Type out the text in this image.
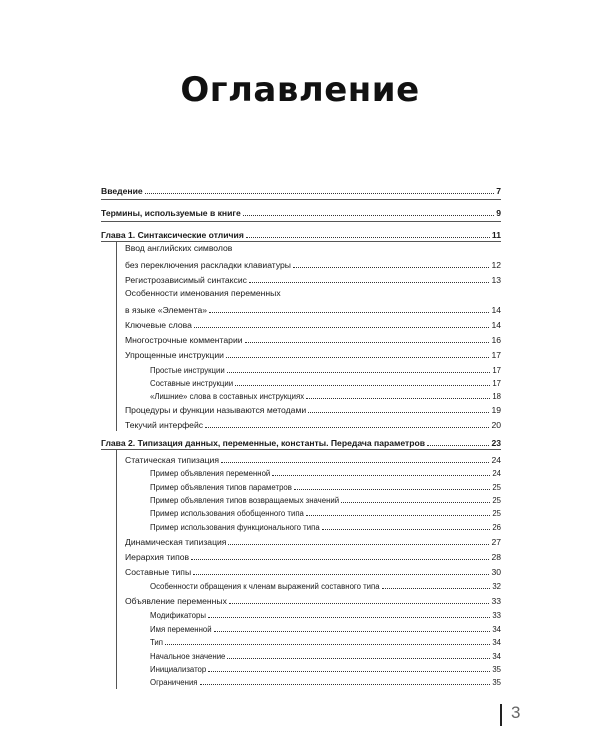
Оглавление
Введение	7
Термины, используемые в книге	9
Глава 1. Синтаксические отличия	11
Ввод английских символов
без переключения раскладки клавиатуры	12
Регистрозависимый синтаксис	13
Особенности именования переменных
в языке «Элемента»	14
Ключевые слова	14
Многострочные комментарии	16
Упрощенные инструкции	17
Простые инструкции	17
Составные инструкции	17
«Лишние» слова в составных инструкциях	18
Процедуры и функции называются методами	19
Текучий интерфейс	20
Глава 2. Типизация данных, переменные, константы. Передача параметров	23
Статическая типизация	24
Пример объявления переменной	24
Пример объявления типов параметров	25
Пример объявления типов возвращаемых значений	25
Пример использования обобщенного типа	25
Пример использования функционального типа	26
Динамическая типизация	27
Иерархия типов	28
Составные типы	30
Особенности обращения к членам выражений составного типа	32
Объявление переменных	33
Модификаторы	33
Имя переменной	34
Тип	34
Начальное значение	34
Инициализатор	35
Ограничения	35
3
